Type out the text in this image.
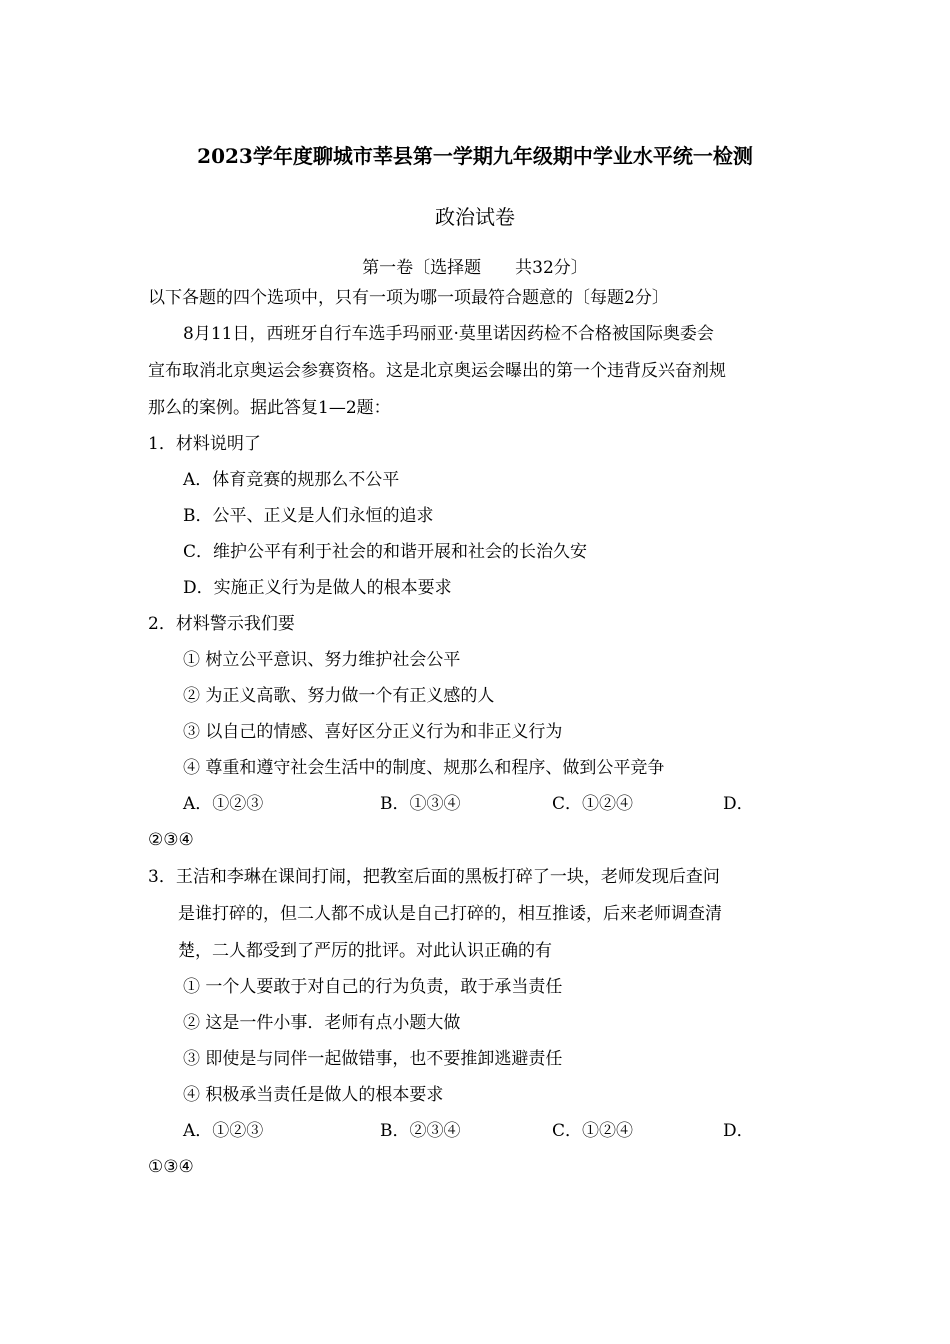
2023学年度聊城市莘县第一学期九年级期中学业水平统一检测
政治试卷
第一卷〔选择题　　共32分〕
以下各题的四个选项中，只有一项为哪一项最符合题意的〔每题2分〕
8月11日，西班牙自行车选手玛丽亚·莫里诺因药检不合格被国际奥委会
宣布取消北京奥运会参赛资格。这是北京奥运会曝出的第一个违背反兴奋剂规
那么的案例。据此答复1—2题：
1．材料说明了
A．体育竞赛的规那么不公平
B．公平、正义是人们永恒的追求
C．维护公平有利于社会的和谐开展和社会的长治久安
D．实施正义行为是做人的根本要求
2．材料警示我们要
① 树立公平意识、努力维护社会公平
② 为正义高歌、努力做一个有正义感的人
③ 以自己的情感、喜好区分正义行为和非正义行为
④ 尊重和遵守社会生活中的制度、规那么和程序、做到公平竞争
A．①②③	B．①③④	C．①②④	D．
②③④
3．王洁和李琳在课间打闹，把教室后面的黑板打碎了一块，老师发现后查问
是谁打碎的，但二人都不成认是自己打碎的，相互推诿，后来老师调查清
楚，二人都受到了严厉的批评。对此认识正确的有
① 一个人要敢于对自己的行为负责，敢于承当责任
② 这是一件小事．老师有点小题大做
③ 即使是与同伴一起做错事，也不要推卸逃避责任
④ 积极承当责任是做人的根本要求
A．①②③	B．②③④	C．①②④	D．
①③④
